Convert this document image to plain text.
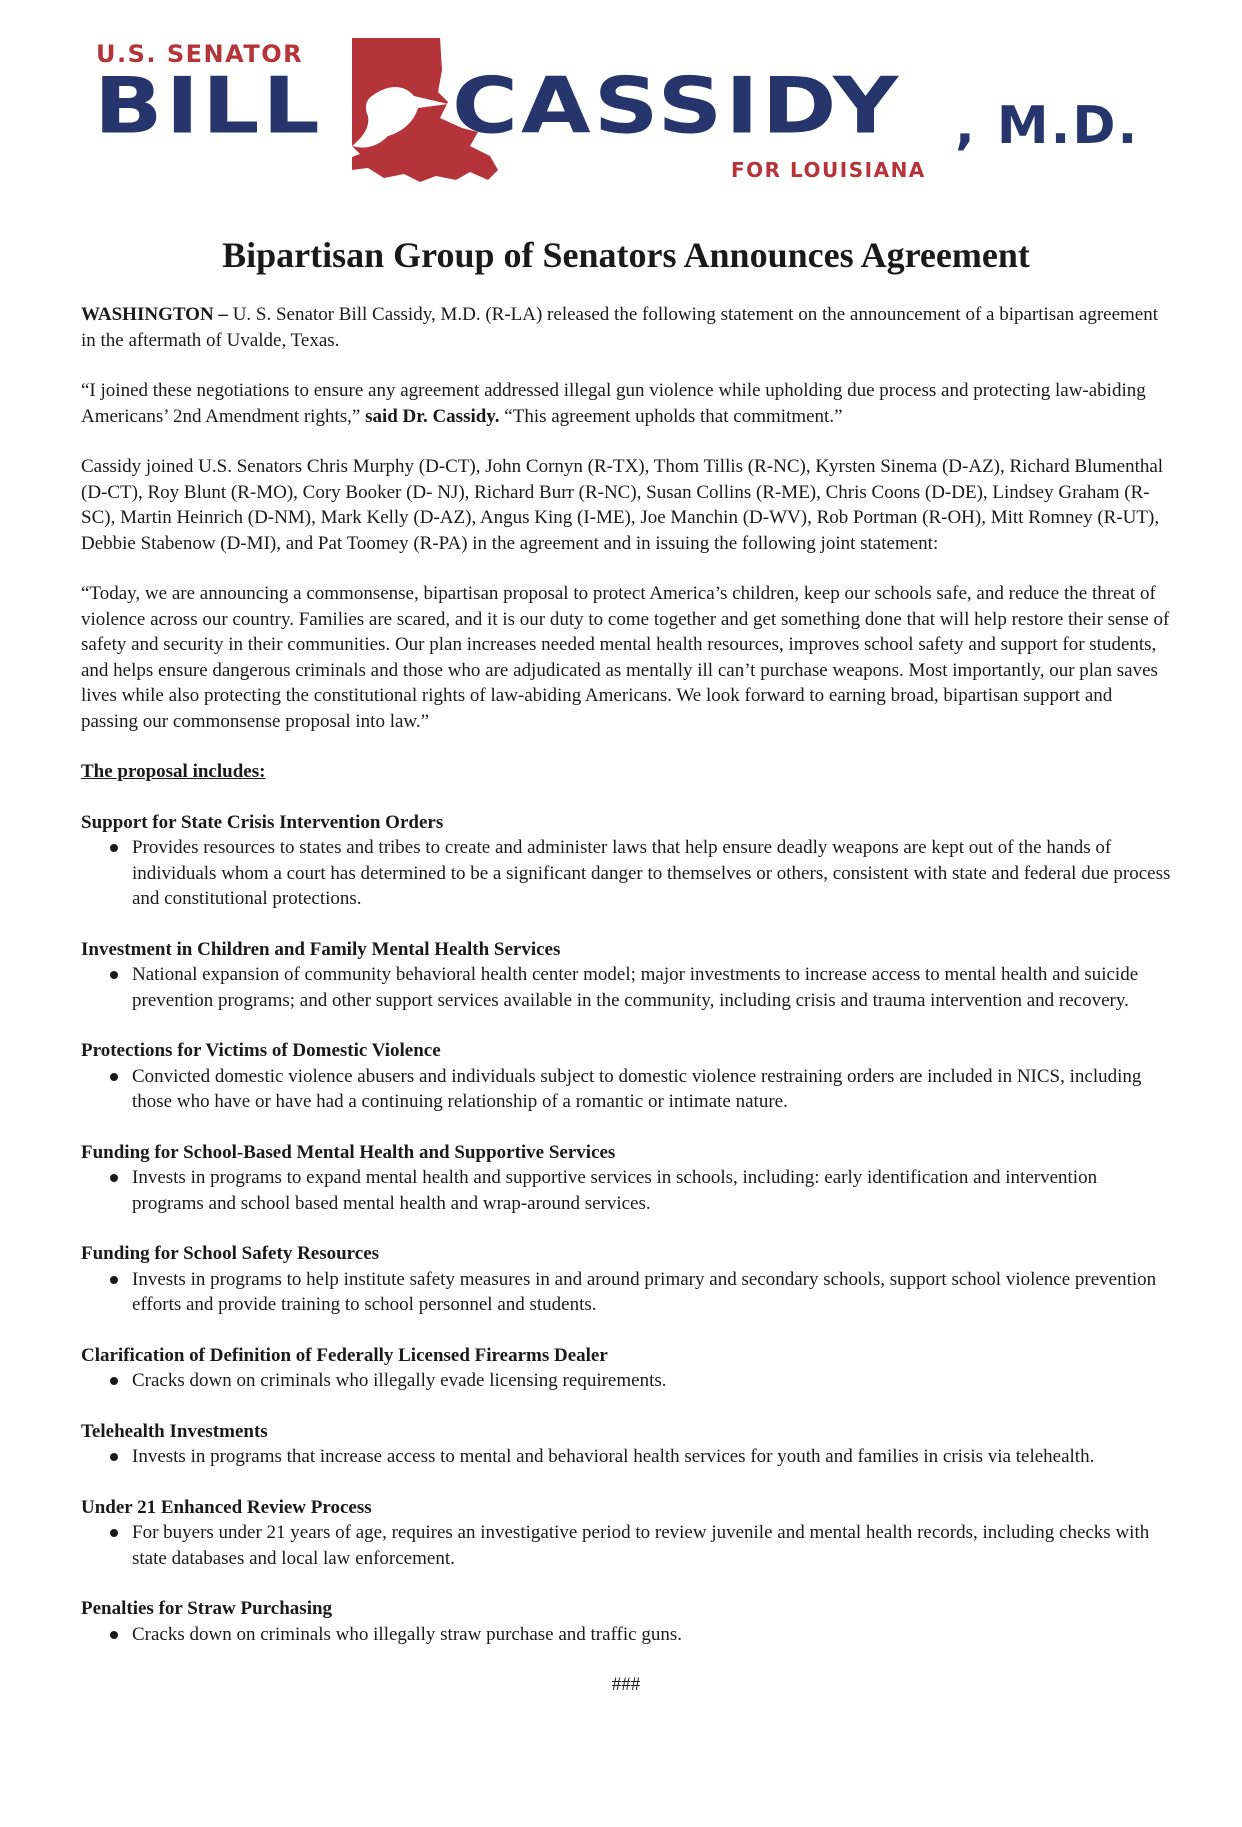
U.S. SENATOR
BILL CASSIDY , M.D.
FOR LOUISIANA
Bipartisan Group of Senators Announces Agreement

WASHINGTON – U. S. Senator Bill Cassidy, M.D. (R-LA) released the following statement on the announcement of a bipartisan agreement in the aftermath of Uvalde, Texas.

“I joined these negotiations to ensure any agreement addressed illegal gun violence while upholding due process and protecting law-abiding Americans’ 2nd Amendment rights,” said Dr. Cassidy. “This agreement upholds that commitment.”

Cassidy joined U.S. Senators Chris Murphy (D-CT), John Cornyn (R-TX), Thom Tillis (R-NC), Kyrsten Sinema (D-AZ), Richard Blumenthal (D-CT), Roy Blunt (R-MO), Cory Booker (D- NJ), Richard Burr (R-NC), Susan Collins (R-ME), Chris Coons (D-DE), Lindsey Graham (R-SC), Martin Heinrich (D-NM), Mark Kelly (D-AZ), Angus King (I-ME), Joe Manchin (D-WV), Rob Portman (R-OH), Mitt Romney (R-UT), Debbie Stabenow (D-MI), and Pat Toomey (R-PA) in the agreement and in issuing the following joint statement:

“Today, we are announcing a commonsense, bipartisan proposal to protect America’s children, keep our schools safe, and reduce the threat of violence across our country. Families are scared, and it is our duty to come together and get something done that will help restore their sense of safety and security in their communities. Our plan increases needed mental health resources, improves school safety and support for students, and helps ensure dangerous criminals and those who are adjudicated as mentally ill can’t purchase weapons. Most importantly, our plan saves lives while also protecting the constitutional rights of law-abiding Americans. We look forward to earning broad, bipartisan support and passing our commonsense proposal into law.”

The proposal includes:

Support for State Crisis Intervention Orders
Provides resources to states and tribes to create and administer laws that help ensure deadly weapons are kept out of the hands of individuals whom a court has determined to be a significant danger to themselves or others, consistent with state and federal due process and constitutional protections.
Investment in Children and Family Mental Health Services
National expansion of community behavioral health center model; major investments to increase access to mental health and suicide prevention programs; and other support services available in the community, including crisis and trauma intervention and recovery.
Protections for Victims of Domestic Violence
Convicted domestic violence abusers and individuals subject to domestic violence restraining orders are included in NICS, including those who have or have had a continuing relationship of a romantic or intimate nature.
Funding for School-Based Mental Health and Supportive Services
Invests in programs to expand mental health and supportive services in schools, including: early identification and intervention programs and school based mental health and wrap-around services.
Funding for School Safety Resources
Invests in programs to help institute safety measures in and around primary and secondary schools, support school violence prevention efforts and provide training to school personnel and students.
Clarification of Definition of Federally Licensed Firearms Dealer
Cracks down on criminals who illegally evade licensing requirements.
Telehealth Investments
Invests in programs that increase access to mental and behavioral health services for youth and families in crisis via telehealth.
Under 21 Enhanced Review Process
For buyers under 21 years of age, requires an investigative period to review juvenile and mental health records, including checks with state databases and local law enforcement.
Penalties for Straw Purchasing
Cracks down on criminals who illegally straw purchase and traffic guns.
###
